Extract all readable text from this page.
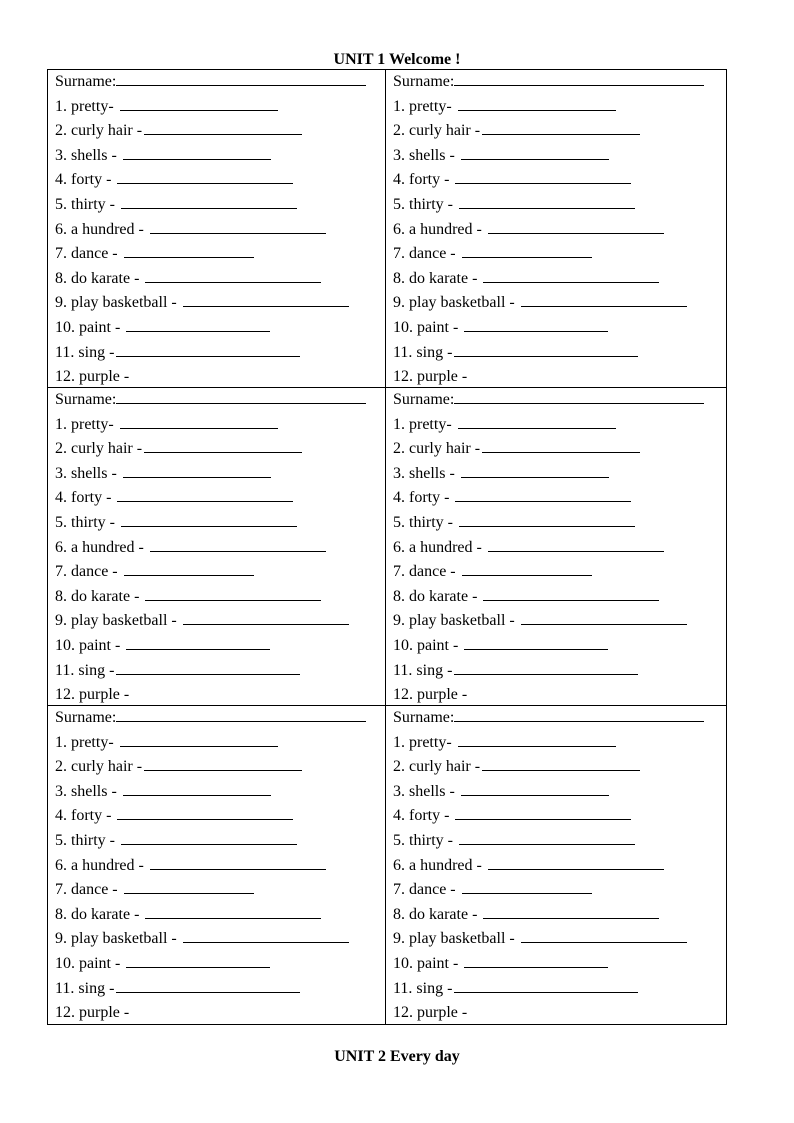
UNIT 1 Welcome !
Surname:
1. pretty-
2. curly hair -
3. shells -
4. forty -
5. thirty -
6. a hundred -
7. dance -
8. do karate -
9. play basketball -
10. paint -
11. sing -
12. purple -
Surname:
1. pretty-
2. curly hair -
3. shells -
4. forty -
5. thirty -
6. a hundred -
7. dance -
8. do karate -
9. play basketball -
10. paint -
11. sing -
12. purple -
Surname:
1. pretty-
2. curly hair -
3. shells -
4. forty -
5. thirty -
6. a hundred -
7. dance -
8. do karate -
9. play basketball -
10. paint -
11. sing -
12. purple -
Surname:
1. pretty-
2. curly hair -
3. shells -
4. forty -
5. thirty -
6. a hundred -
7. dance -
8. do karate -
9. play basketball -
10. paint -
11. sing -
12. purple -
Surname:
1. pretty-
2. curly hair -
3. shells -
4. forty -
5. thirty -
6. a hundred -
7. dance -
8. do karate -
9. play basketball -
10. paint -
11. sing -
12. purple -
Surname:
1. pretty-
2. curly hair -
3. shells -
4. forty -
5. thirty -
6. a hundred -
7. dance -
8. do karate -
9. play basketball -
10. paint -
11. sing -
12. purple -
UNIT 2 Every day
